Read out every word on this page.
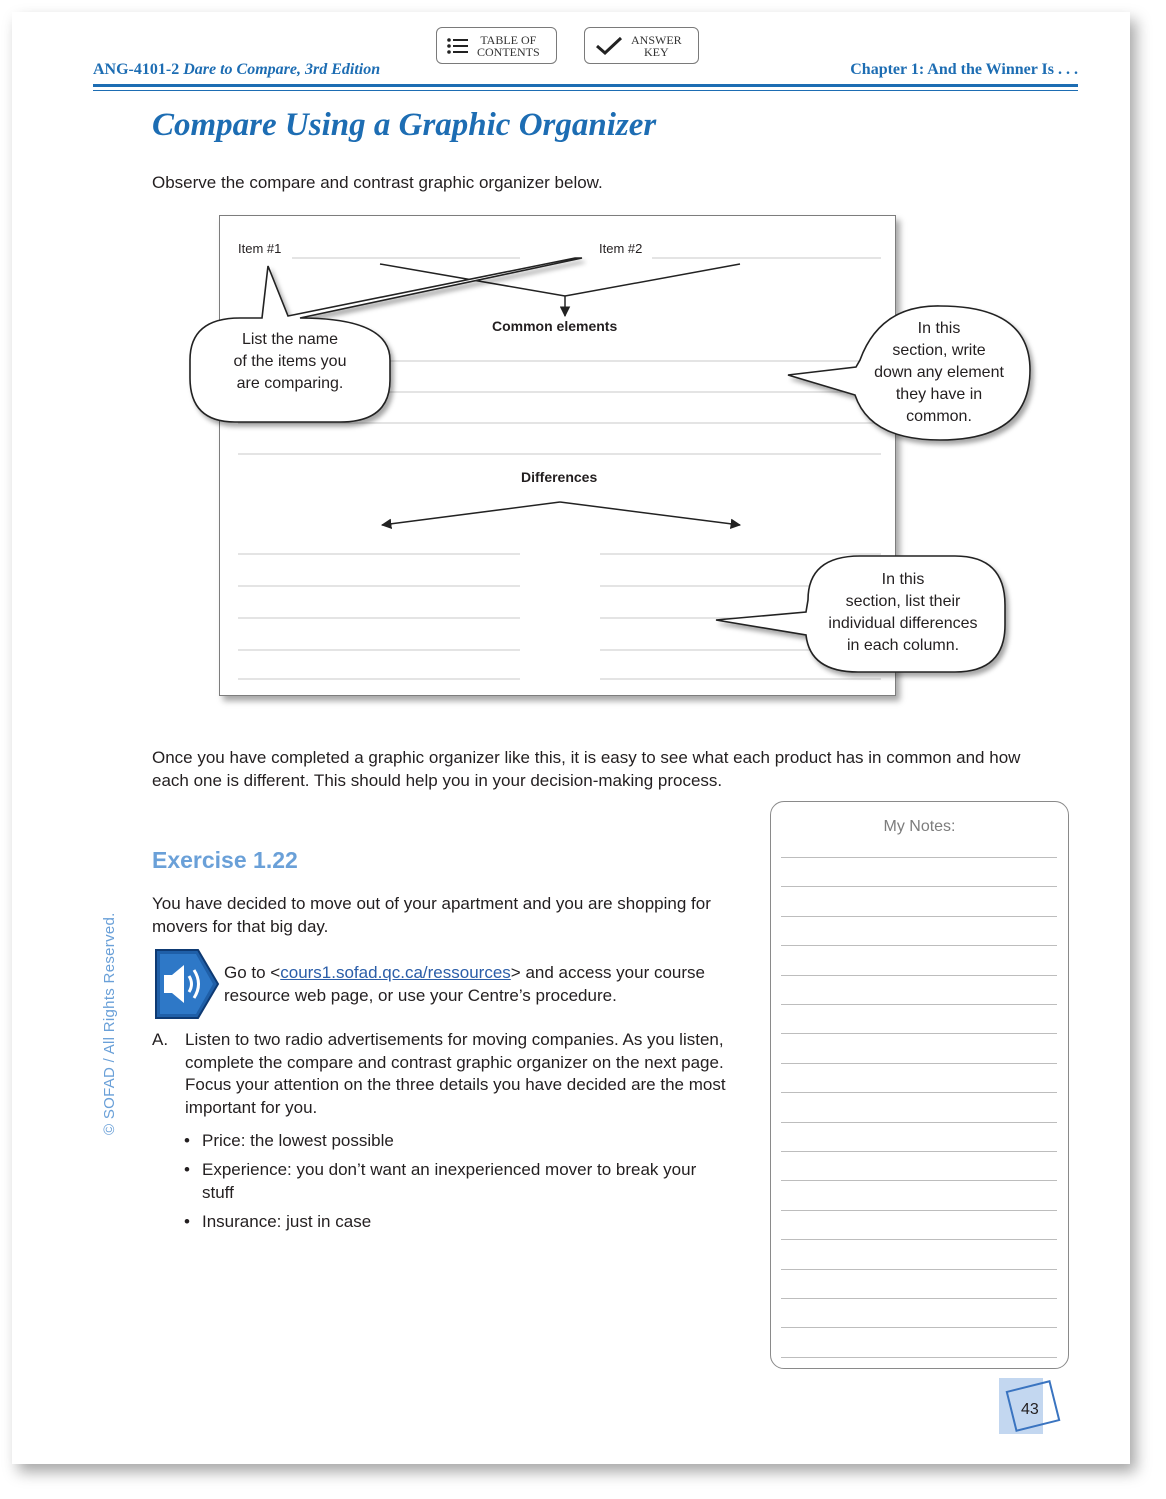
TABLE OF
CONTENTS
ANSWER
KEY
ANG-4101-2 Dare to Compare, 3rd Edition	Chapter 1: And the Winner Is . . .
Compare Using a Graphic Organizer
Observe the compare and contrast graphic organizer below.
Item #1	Item #2
Common elements
Differences
List the name
of the items you
are comparing.
In this
section, write
down any element
they have in
common.
In this
section, list their
individual differences
in each column.
Once you have completed a graphic organizer like this, it is easy to see what each product has in common and how each one is different. This should help you in your decision-making process.
Exercise 1.22
You have decided to move out of your apartment and you are shopping for movers for that big day.
Go to <cours1.sofad.qc.ca/ressources> and access your course resource web page, or use your Centre’s procedure.
A. Listen to two radio advertisements for moving companies. As you listen, complete the compare and contrast graphic organizer on the next page. Focus your attention on the three details you have decided are the most important for you.
• Price: the lowest possible
• Experience: you don’t want an inexperienced mover to break your stuff
• Insurance: just in case
My Notes:
© SOFAD / All Rights Reserved.
43
